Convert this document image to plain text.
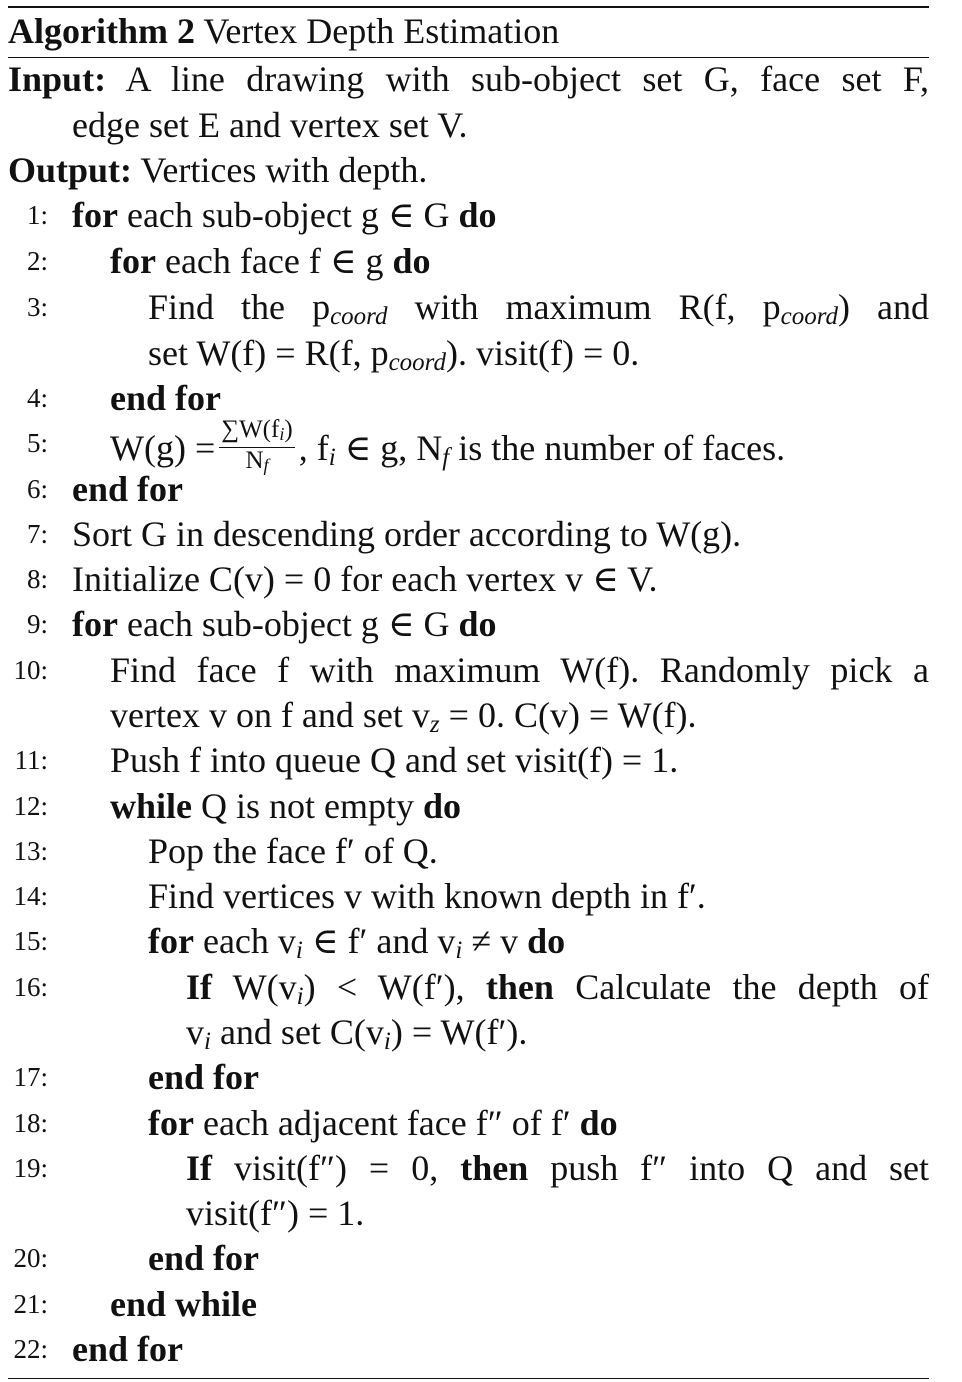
Algorithm 2 Vertex Depth Estimation
Input: A line drawing with sub-object set G, face set F,
edge set E and vertex set V.
Output: Vertices with depth.
1: for each sub-object g ∈ G do
2: for each face f ∈ g do
3:	Find the $p_{coord}$ with maximum R(f, $p_{coord}$) and
set W(f) = R(f, $p_{coord}$). visit(f) = 0.
4: end for
5: $W(g) = \frac{\sum W(fi)}{Nf}$ , $f_i$ ∈ g, $N_f$ is the number of faces.
6: end for
7: Sort G in descending order according to W(g).
8: Initialize C(v) = 0 for each vertex v ∈ V.
9: for each sub-object g ∈ G do
10: Find face f with maximum W(f). Randomly pick a
vertex v on f and set $v_z = 0$. C(v) = W(f).
11: Push f into queue Q and set visit(f) = 1.
12: while Q is not empty do
13:	Pop the face f′ of Q.
14:	Find vertices v with known depth in f′.
15:	for each $v_i$ ∈ f′ and $v_i \ne v$ do
16:	If $W(v_i) < W(f')$, then Calculate the depth of
$v_i$ and set $C(v_i) = W(f')$.
17:	end for
18:	for each adjacent face f″ of f′ do
19:	If visit(f″) = 0, then push f″ into Q and set
visit(f″) = 1.
20:	end for
21: end while
22: end for
